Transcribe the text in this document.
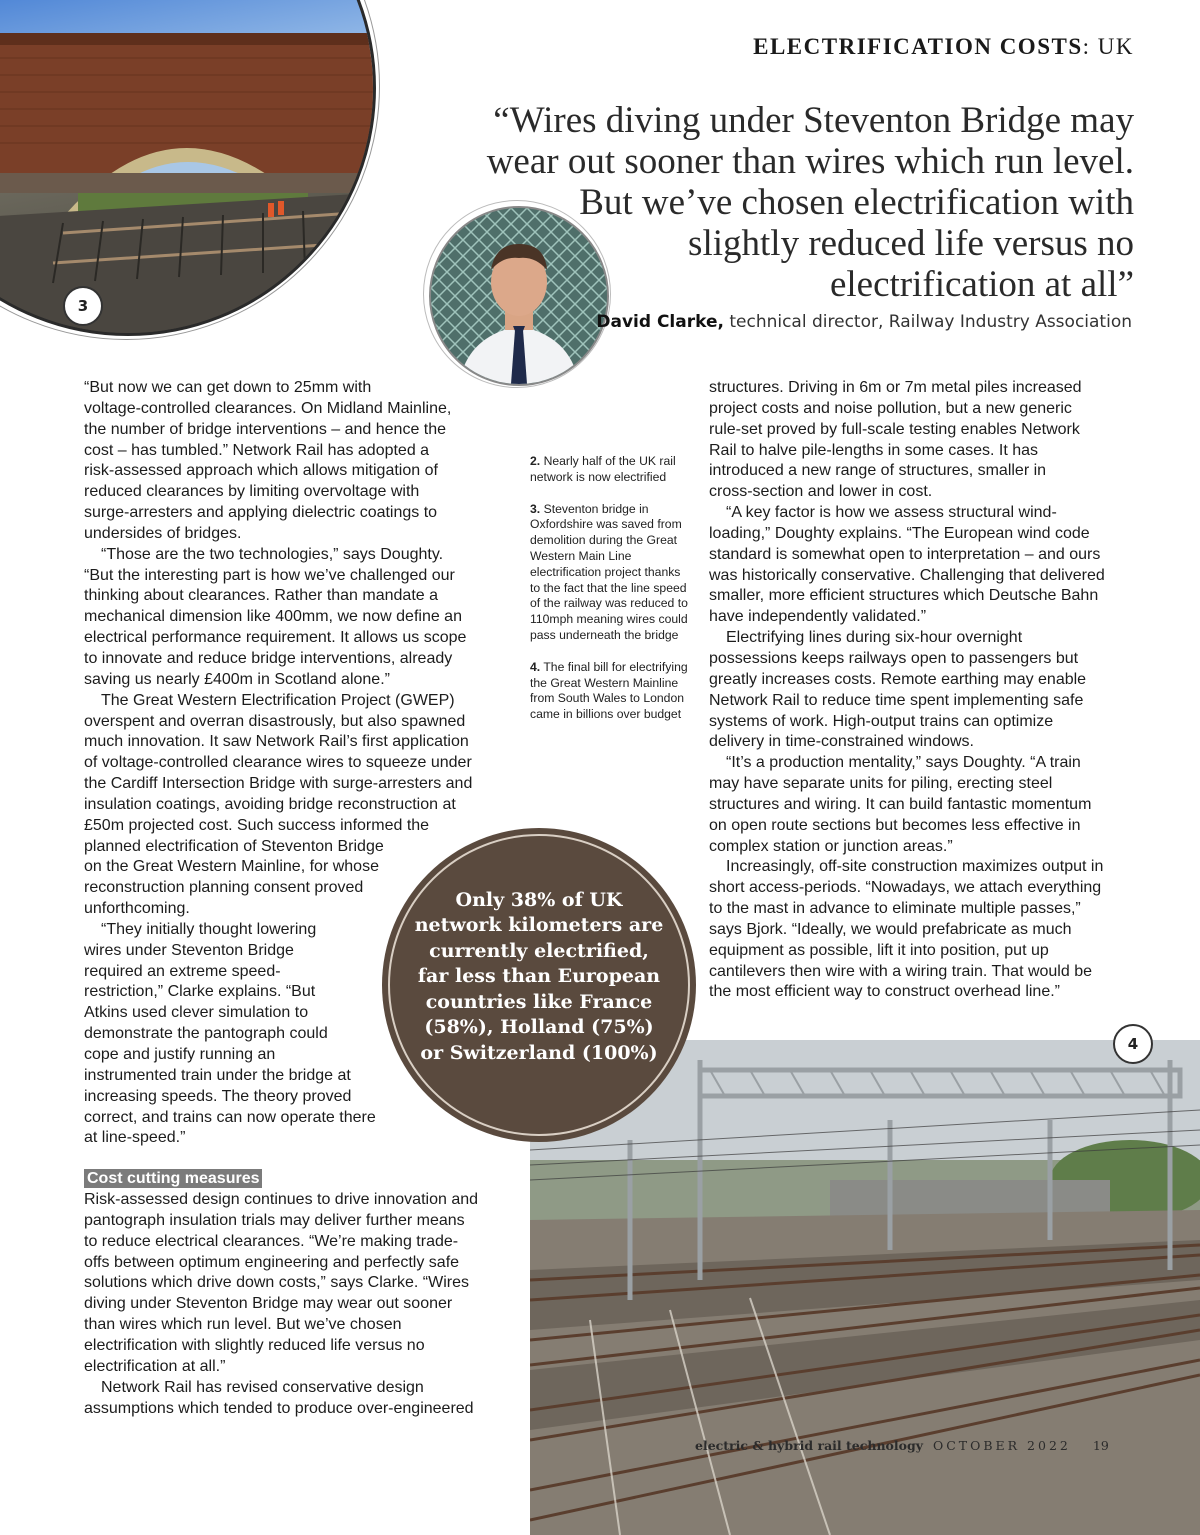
ELECTRIFICATION COSTS: UK
3
“Wires diving under Steventon Bridge may
wear out sooner than wires which run level.
But we’ve chosen electrification with
slightly reduced life versus no
electrification at all”
David Clarke, technical director, Railway Industry Association

“But now we can get down to 25mm with
voltage-controlled clearances. On Midland Mainline,
the number of bridge interventions – and hence the
cost – has tumbled.” Network Rail has adopted a
risk-assessed approach which allows mitigation of
reduced clearances by limiting overvoltage with
surge-arresters and applying dielectric coatings to
undersides of bridges.

“Those are the two technologies,” says Doughty.
“But the interesting part is how we’ve challenged our
thinking about clearances. Rather than mandate a
mechanical dimension like 400mm, we now define an
electrical performance requirement. It allows us scope
to innovate and reduce bridge interventions, already
saving us nearly £400m in Scotland alone.”

The Great Western Electrification Project (GWEP)
overspent and overran disastrously, but also spawned
much innovation. It saw Network Rail’s first application
of voltage-controlled clearance wires to squeeze under
the Cardiff Intersection Bridge with surge-arresters and
insulation coatings, avoiding bridge reconstruction at
£50m projected cost. Such success informed the
planned electrification of Steventon Bridge
on the Great Western Mainline, for whose
reconstruction planning consent proved
unforthcoming.

“They initially thought lowering
wires under Steventon Bridge
required an extreme speed-
restriction,” Clarke explains. “But
Atkins used clever simulation to
demonstrate the pantograph could
cope and justify running an
instrumented train under the bridge at
increasing speeds. The theory proved
correct, and trains can now operate there
at line-speed.”

Cost cutting measures

Risk-assessed design continues to drive innovation and
pantograph insulation trials may deliver further means
to reduce electrical clearances. “We’re making trade-
offs between optimum engineering and perfectly safe
solutions which drive down costs,” says Clarke. “Wires
diving under Steventon Bridge may wear out sooner
than wires which run level. But we’ve chosen
electrification with slightly reduced life versus no
electrification at all.”

Network Rail has revised conservative design
assumptions which tended to produce over-engineered

2. Nearly half of the UK rail network is now electrified

3. Steventon bridge in Oxfordshire was saved from demolition during the Great Western Main Line electrification project thanks to the fact that the line speed of the railway was reduced to 110mph meaning wires could pass underneath the bridge

4. The final bill for electrifying the Great Western Mainline from South Wales to London came in billions over budget

structures. Driving in 6m or 7m metal piles increased
project costs and noise pollution, but a new generic
rule-set proved by full-scale testing enables Network
Rail to halve pile-lengths in some cases. It has
introduced a new range of structures, smaller in
cross-section and lower in cost.

“A key factor is how we assess structural wind-
loading,” Doughty explains. “The European wind code
standard is somewhat open to interpretation – and ours
was historically conservative. Challenging that delivered
smaller, more efficient structures which Deutsche Bahn
have independently validated.”

Electrifying lines during six-hour overnight
possessions keeps railways open to passengers but
greatly increases costs. Remote earthing may enable
Network Rail to reduce time spent implementing safe
systems of work. High-output trains can optimize
delivery in time-constrained windows.

“It’s a production mentality,” says Doughty. “A train
may have separate units for piling, erecting steel
structures and wiring. It can build fantastic momentum
on open route sections but becomes less effective in
complex station or junction areas.”

Increasingly, off-site construction maximizes output in
short access-periods. “Nowadays, we attach everything
to the mast in advance to eliminate multiple passes,”
says Bjork. “Ideally, we would prefabricate as much
equipment as possible, lift it into position, put up
cantilevers then wire with a wiring train. That would be
the most efficient way to construct overhead line.”

4
Only 38% of UK
network kilometers are
currently electrified,
far less than European
countries like France
(58%), Holland (75%)
or Switzerland (100%)
electric & hybrid rail technology OCTOBER 2022 19
